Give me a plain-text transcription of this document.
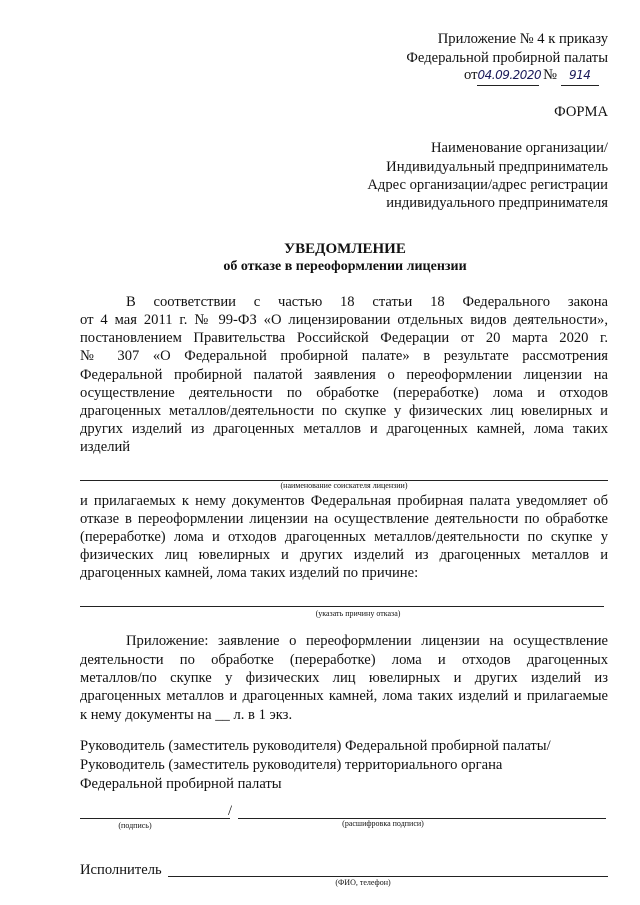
Приложение № 4 к приказу
Федеральной пробирной палаты
от04.09.2020 № 914
ФОРМА
Наименование организации/
Индивидуальный предприниматель
Адрес организации/адрес регистрации
индивидуального предпринимателя
УВЕДОМЛЕНИЕ
об отказе в переоформлении лицензии
В соответствии с частью 18 статьи 18 Федерального закона
от 4 мая 2011 г. № 99-ФЗ «О лицензировании отдельных видов деятельности»,
постановлением Правительства Российской Федерации от 20 марта 2020 г.
№ 307 «О Федеральной пробирной палате» в результате рассмотрения
Федеральной пробирной палатой заявления о переоформлении лицензии на
осуществление деятельности по обработке (переработке) лома и отходов
драгоценных металлов/деятельности по скупке у физических лиц ювелирных и
других изделий из драгоценных металлов и драгоценных камней, лома таких
изделий
(наименование соискателя лицензии)
и прилагаемых к нему документов Федеральная пробирная палата уведомляет об
отказе в переоформлении лицензии на осуществление деятельности по обработке
(переработке) лома и отходов драгоценных металлов/деятельности по скупке у
физических лиц ювелирных и других изделий из драгоценных металлов и
драгоценных камней, лома таких изделий по причине:
(указать причину отказа)
Приложение: заявление о переоформлении лицензии на осуществление
деятельности по обработке (переработке) лома и отходов драгоценных
металлов/по скупке у физических лиц ювелирных и других изделий из
драгоценных металлов и драгоценных камней, лома таких изделий и прилагаемые
к нему документы на __ л. в 1 экз.
Руководитель (заместитель руководителя) Федеральной пробирной палаты/
Руководитель (заместитель руководителя) территориального органа
Федеральной пробирной палаты
/
(подпись)	(расшифровка подписи)
Исполнитель
(ФИО, телефон)
